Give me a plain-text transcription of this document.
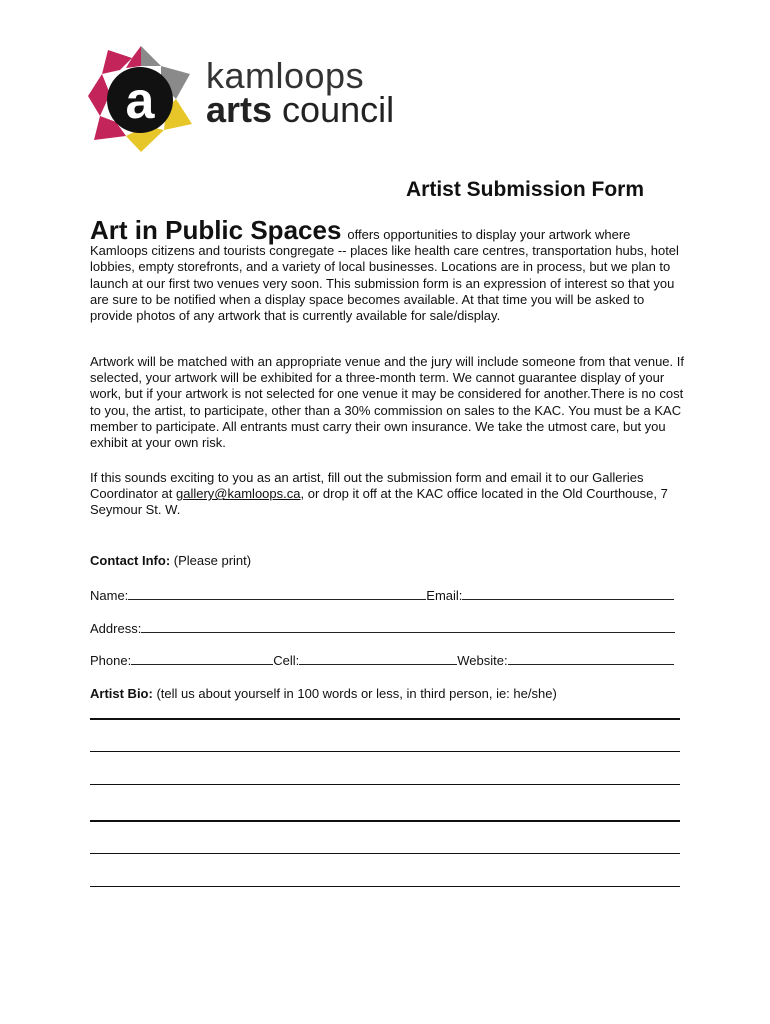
a kamloops
arts council
Artist Submission Form
Art in Public Spaces offers opportunities to display your artwork where Kamloops citizens and tourists congregate -- places like health care centres, transportation hubs, hotel lobbies, empty storefronts, and a variety of local businesses. Locations are in process, but we plan to launch at our first two venues very soon. This submission form is an expression of interest so that you are sure to be notified when a display space becomes available. At that time you will be asked to provide photos of any artwork that is currently available for sale/display.
Artwork will be matched with an appropriate venue and the jury will include someone from that venue. If selected, your artwork will be exhibited for a three-month term. We cannot guarantee display of your work, but if your artwork is not selected for one venue it may be considered for another.There is no cost to you, the artist, to participate, other than a 30% commission on sales to the KAC. You must be a KAC member to participate. All entrants must carry their own insurance. We take the utmost care, but you exhibit at your own risk.
If this sounds exciting to you as an artist, fill out the submission form and email it to our Galleries Coordinator at gallery@kamloops.ca, or drop it off at the KAC office located in the Old Courthouse, 7 Seymour St. W.
Contact Info: (Please print)
Name:	Email:
Address:
Phone:	Cell:	Website:
Artist Bio: (tell us about yourself in 100 words or less, in third person, ie: he/she)
